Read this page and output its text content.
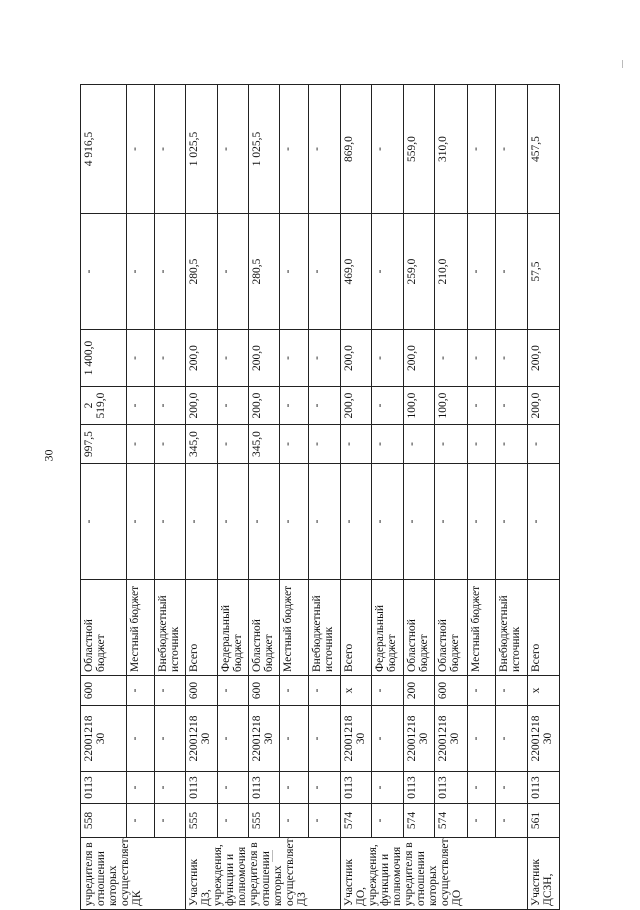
30
учредителя в отношении которых осуществляет ДК	558	0113	22001218 30	600	Областной бюджет	-	997,5	2 519,0	1 400,0	-	4 916,5
	-	-	-	-	Местный бюджет	-	-	-	-	-	-
	-	-	-	-	Внебюджетный источник	-	-	-	-	-	-
Участник ДЗ, учреждения, функции и полномочия учредителя в отношении которых осуществляет ДЗ	555	0113	22001218 30	600	Всего	-	345,0	200,0	200,0	280,5	1 025,5
	-	-	-	-	Федеральный бюджет	-	-	-	-	-	-
	555	0113	22001218 30	600	Областной бюджет	-	345,0	200,0	200,0	280,5	1 025,5
	-	-	-	-	Местный бюджет	-	-	-	-	-	-
	-	-	-	-	Внебюджетный источник	-	-	-	-	-	-
Участник ДО, учреждения, функции и полномочия учредителя в отношении которых осуществляет ДО	574	0113	22001218 30	x	Всего	-	-	200,0	200,0	469,0	869,0
	-	-	-	-	Федеральный бюджет	-	-	-	-	-	-
	574	0113	22001218 30	200	Областной бюджет	-	-	100,0	200,0	259,0	559,0
	574	0113	22001218 30	600	Областной бюджет	-	-	100,0	-	210,0	310,0
	-	-	-	-	Местный бюджет	-	-	-	-	-	-
	-	-	-	-	Внебюджетный источник	-	-	-	-	-	-
Участник ДСЗН,	561	0113	22001218 30	x	Всего	-	-	200,0	200,0	57,5	457,5
